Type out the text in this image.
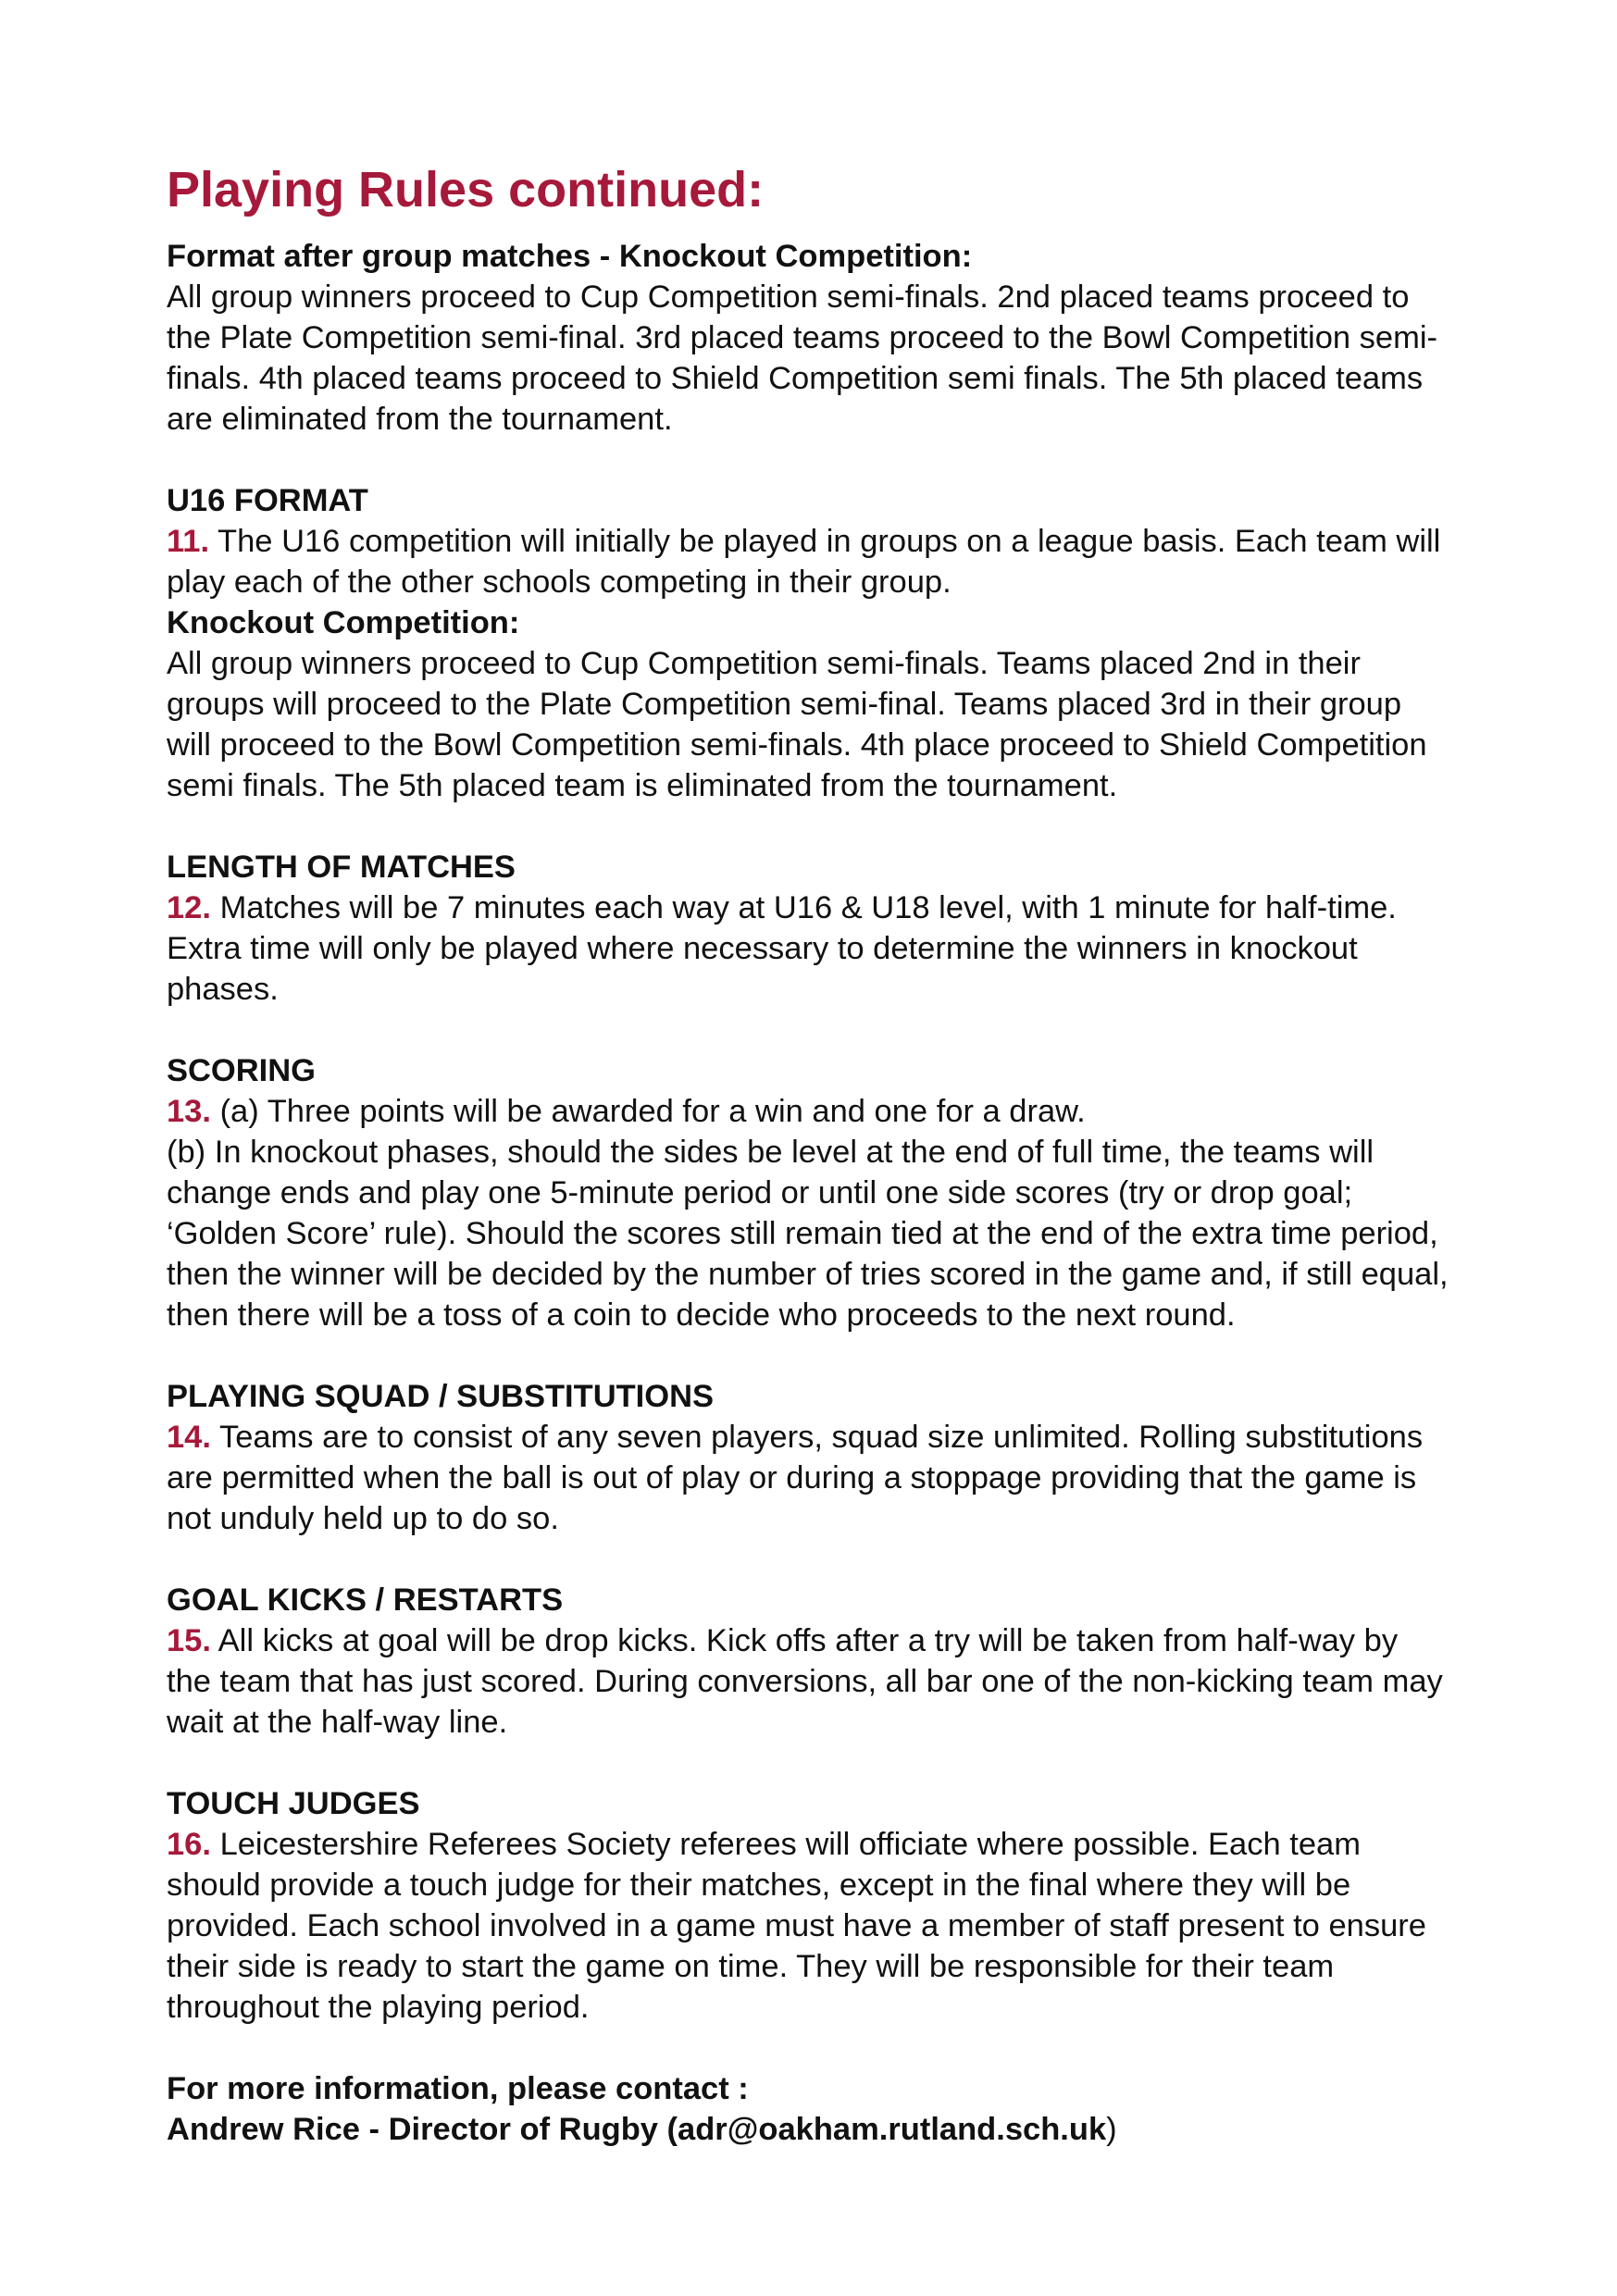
Playing Rules continued:
Format after group matches - Knockout Competition:

All group winners proceed to Cup Competition semi-finals. 2nd placed teams proceed to the Plate Competition semi-final. 3rd placed teams proceed to the Bowl Competition semi-finals. 4th placed teams proceed to Shield Competition semi finals. The 5th placed teams are eliminated from the tournament.

U16 FORMAT

11. The U16 competition will initially be played in groups on a league basis. Each team will play each of the other schools competing in their group.

Knockout Competition:

All group winners proceed to Cup Competition semi-finals. Teams placed 2nd in their groups will proceed to the Plate Competition semi-final. Teams placed 3rd in their group will proceed to the Bowl Competition semi-finals. 4th place proceed to Shield Competition semi finals. The 5th placed team is eliminated from the tournament.

LENGTH OF MATCHES

12. Matches will be 7 minutes each way at U16 & U18 level, with 1 minute for half-time. Extra time will only be played where necessary to determine the winners in knockout phases.

SCORING

13. (a) Three points will be awarded for a win and one for a draw.

(b) In knockout phases, should the sides be level at the end of full time, the teams will change ends and play one 5-minute period or until one side scores (try or drop goal; ‘Golden Score’ rule). Should the scores still remain tied at the end of the extra time period, then the winner will be decided by the number of tries scored in the game and, if still equal, then there will be a toss of a coin to decide who proceeds to the next round.

PLAYING SQUAD / SUBSTITUTIONS

14. Teams are to consist of any seven players, squad size unlimited. Rolling substitutions are permitted when the ball is out of play or during a stoppage providing that the game is not unduly held up to do so.

GOAL KICKS / RESTARTS

15. All kicks at goal will be drop kicks. Kick offs after a try will be taken from half-way by the team that has just scored. During conversions, all bar one of the non-kicking team may wait at the half-way line.

TOUCH JUDGES

16. Leicestershire Referees Society referees will officiate where possible. Each team should provide a touch judge for their matches, except in the final where they will be provided. Each school involved in a game must have a member of staff present to ensure their side is ready to start the game on time. They will be responsible for their team throughout the playing period.

For more information, please contact :
Andrew Rice - Director of Rugby (adr@oakham.rutland.sch.uk)
